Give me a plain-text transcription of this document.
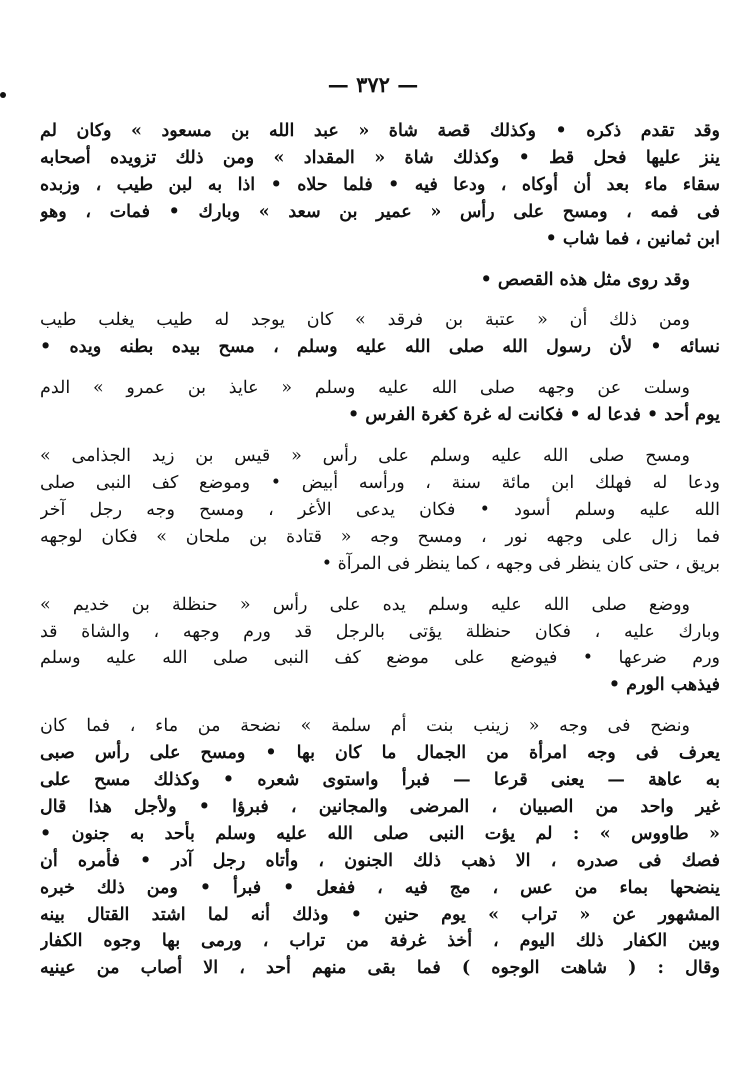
— ٣٧٢ —

وقد تقدم ذكره • وكذلك قصة شاة « عبد الله بن مسعود » وكان لم
ينز عليها فحل قط • وكذلك شاة « المقداد » ومن ذلك تزويده أصحابه
سقاء ماء بعد أن أوكاه ، ودعا فيه • فلما حلاه • اذا به لبن طيب ، وزبده
فى فمه ، ومسح على رأس « عمير بن سعد » وبارك • فمات ، وهو
ابن ثمانين ، فما شاب •

وقد روى مثل هذه القصص •

ومن ذلك أن « عتبة بن فرقد » كان يوجد له طيب يغلب طيب
نسائه • لأن رسول الله صلى الله عليه وسلم ، مسح بيده بطنه ويده •

وسلت عن وجهه صلى الله عليه وسلم « عايذ بن عمرو » الدم
يوم أحد • فدعا له • فكانت له غرة كغرة الفرس •

ومسح صلى الله عليه وسلم على رأس « قيس بن زيد الجذامى »
ودعا له فهلك ابن مائة سنة ، ورأسه أبيض • وموضع كف النبى صلى
الله عليه وسلم أسود • فكان يدعى الأغر ، ومسح وجه رجل آخر
فما زال على وجهه نور ، ومسح وجه « قتادة بن ملحان » فكان لوجهه
بريق ، حتى كان ينظر فى وجهه ، كما ينظر فى المرآة •

ووضع صلى الله عليه وسلم يده على رأس « حنظلة بن خديم »
وبارك عليه ، فكان حنظلة يؤتى بالرجل قد ورم وجهه ، والشاة قد
ورم ضرعها • فيوضع على موضع كف النبى صلى الله عليه وسلم
فيذهب الورم •

ونضح فى وجه « زينب بنت أم سلمة » نضحة من ماء ، فما كان
يعرف فى وجه امرأة من الجمال ما كان بها • ومسح على رأس صبى
به عاهة — يعنى قرعا — فبرأ واستوى شعره • وكذلك مسح على
غير واحد من الصبيان ، المرضى والمجانين ، فبرؤا • ولأجل هذا قال
« طاووس » : لم يؤت النبى صلى الله عليه وسلم بأحد به جنون •
فصك فى صدره ، الا ذهب ذلك الجنون ، وأتاه رجل آدر • فأمره أن
ينضحها بماء من عس ، مج فيه ، ففعل • فبرأ • ومن ذلك خبره
المشهور عن « تراب » يوم حنين • وذلك أنه لما اشتد القتال بينه
وبين الكفار ذلك اليوم ، أخذ غرفة من تراب ، ورمى بها وجوه الكفار
وقال : ( شاهت الوجوه ) فما بقى منهم أحد ، الا أصاب من عينيه
